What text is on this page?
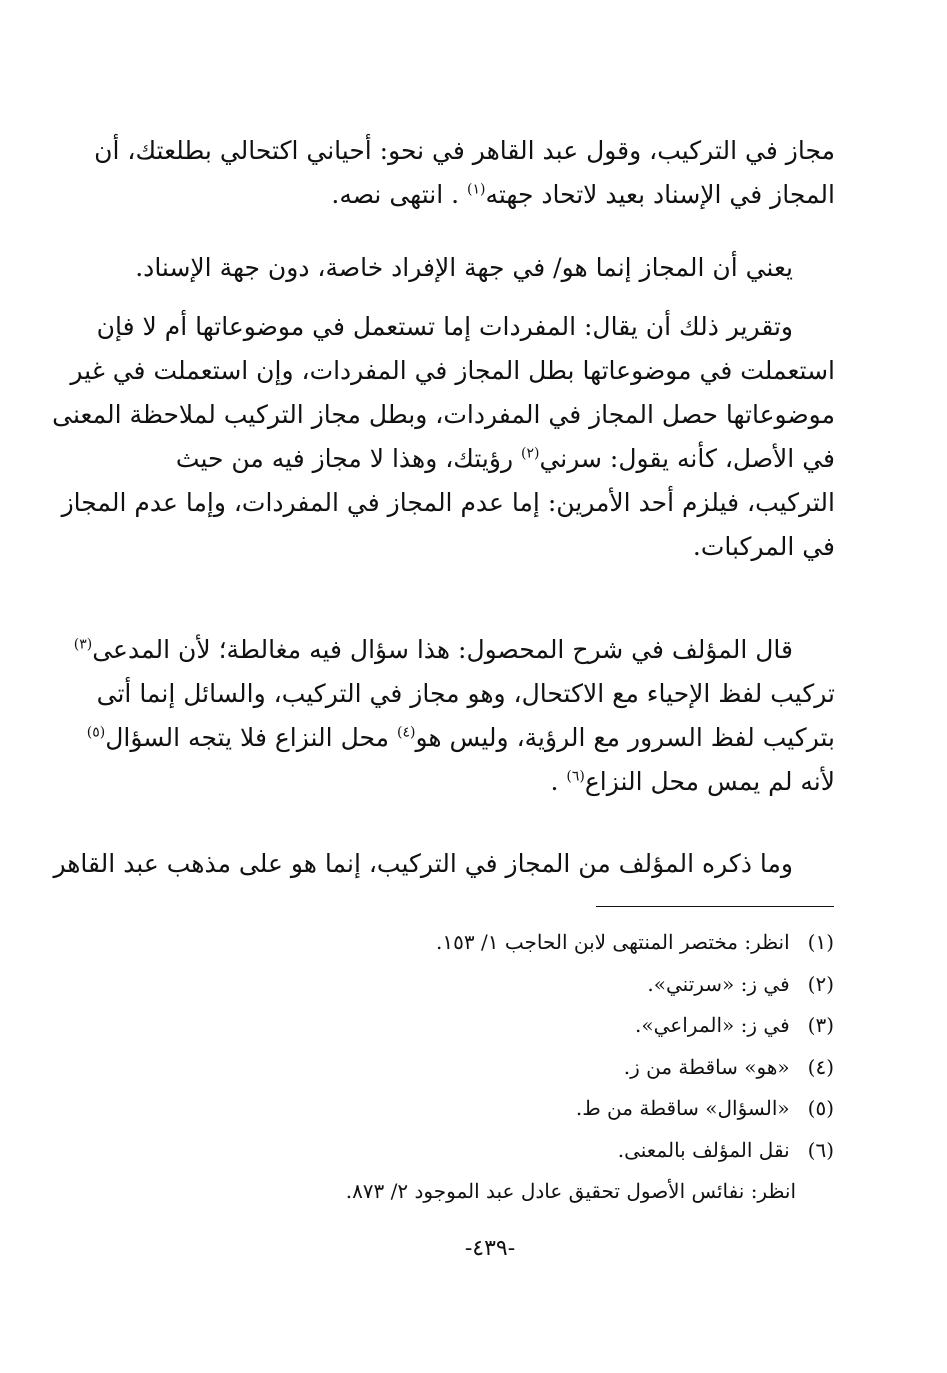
مجاز في التركيب، وقول عبد القاهر في نحو: أحياني اكتحالي بطلعتك، أن
المجاز في الإسناد بعيد لاتحاد جهته$^{(١)}$ . انتهى نصه.
يعني أن المجاز إنما هو/ في جهة الإفراد خاصة، دون جهة الإسناد.
وتقرير ذلك أن يقال: المفردات إما تستعمل في موضوعاتها أم لا فإن
استعملت في موضوعاتها بطل المجاز في المفردات، وإن استعملت في غير
موضوعاتها حصل المجاز في المفردات، وبطل مجاز التركيب لملاحظة المعنى
في الأصل، كأنه يقول: سرني$^{(٢)}$ رؤيتك، وهذا لا مجاز فيه من حيث
التركيب، فيلزم أحد الأمرين: إما عدم المجاز في المفردات، وإما عدم المجاز
في المركبات.
قال المؤلف في شرح المحصول: هذا سؤال فيه مغالطة؛ لأن المدعى$^{(٣)}$
تركيب لفظ الإحياء مع الاكتحال، وهو مجاز في التركيب، والسائل إنما أتى
بتركيب لفظ السرور مع الرؤية، وليس هو$^{(٤)}$ محل النزاع فلا يتجه السؤال$^{(٥)}$
لأنه لم يمس محل النزاع$^{(٦)}$ .
وما ذكره المؤلف من المجاز في التركيب، إنما هو على مذهب عبد القاهر
(١) انظر: مختصر المنتهى لابن الحاجب ١/ ١٥٣.
(٢) في ز: «سرتني».
(٣) في ز: «المراعي».
(٤) «هو» ساقطة من ز.
(٥) «السؤال» ساقطة من ط.
(٦) نقل المؤلف بالمعنى.
انظر: نفائس الأصول تحقيق عادل عبد الموجود ٢/ ٨٧٣.
-٤٣٩-
